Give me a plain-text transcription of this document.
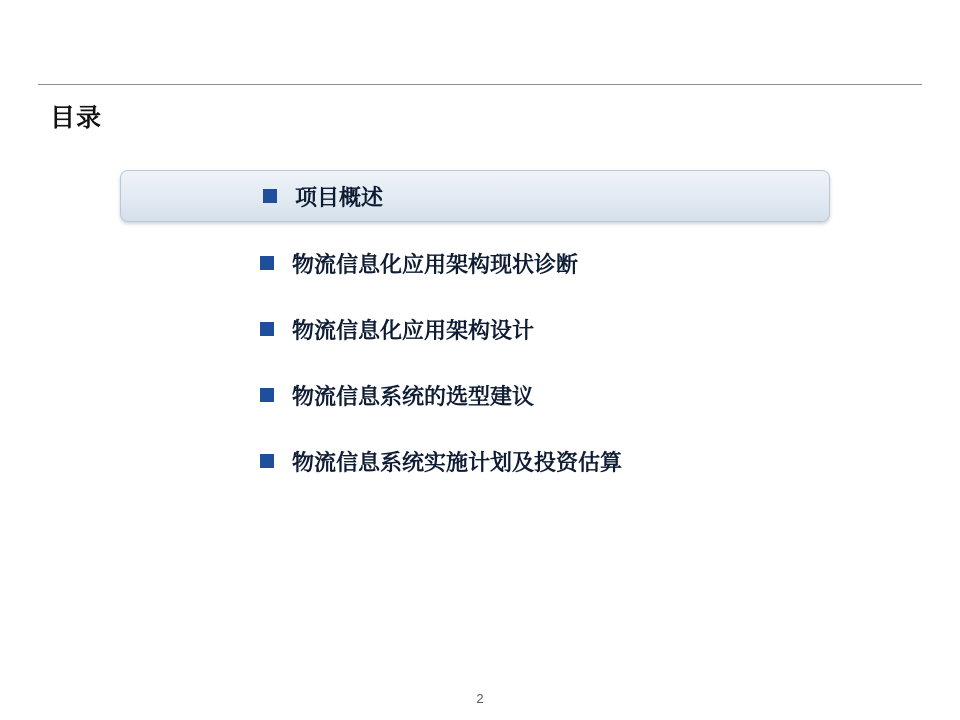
目录
项目概述
物流信息化应用架构现状诊断
物流信息化应用架构设计
物流信息系统的选型建议
物流信息系统实施计划及投资估算
2
